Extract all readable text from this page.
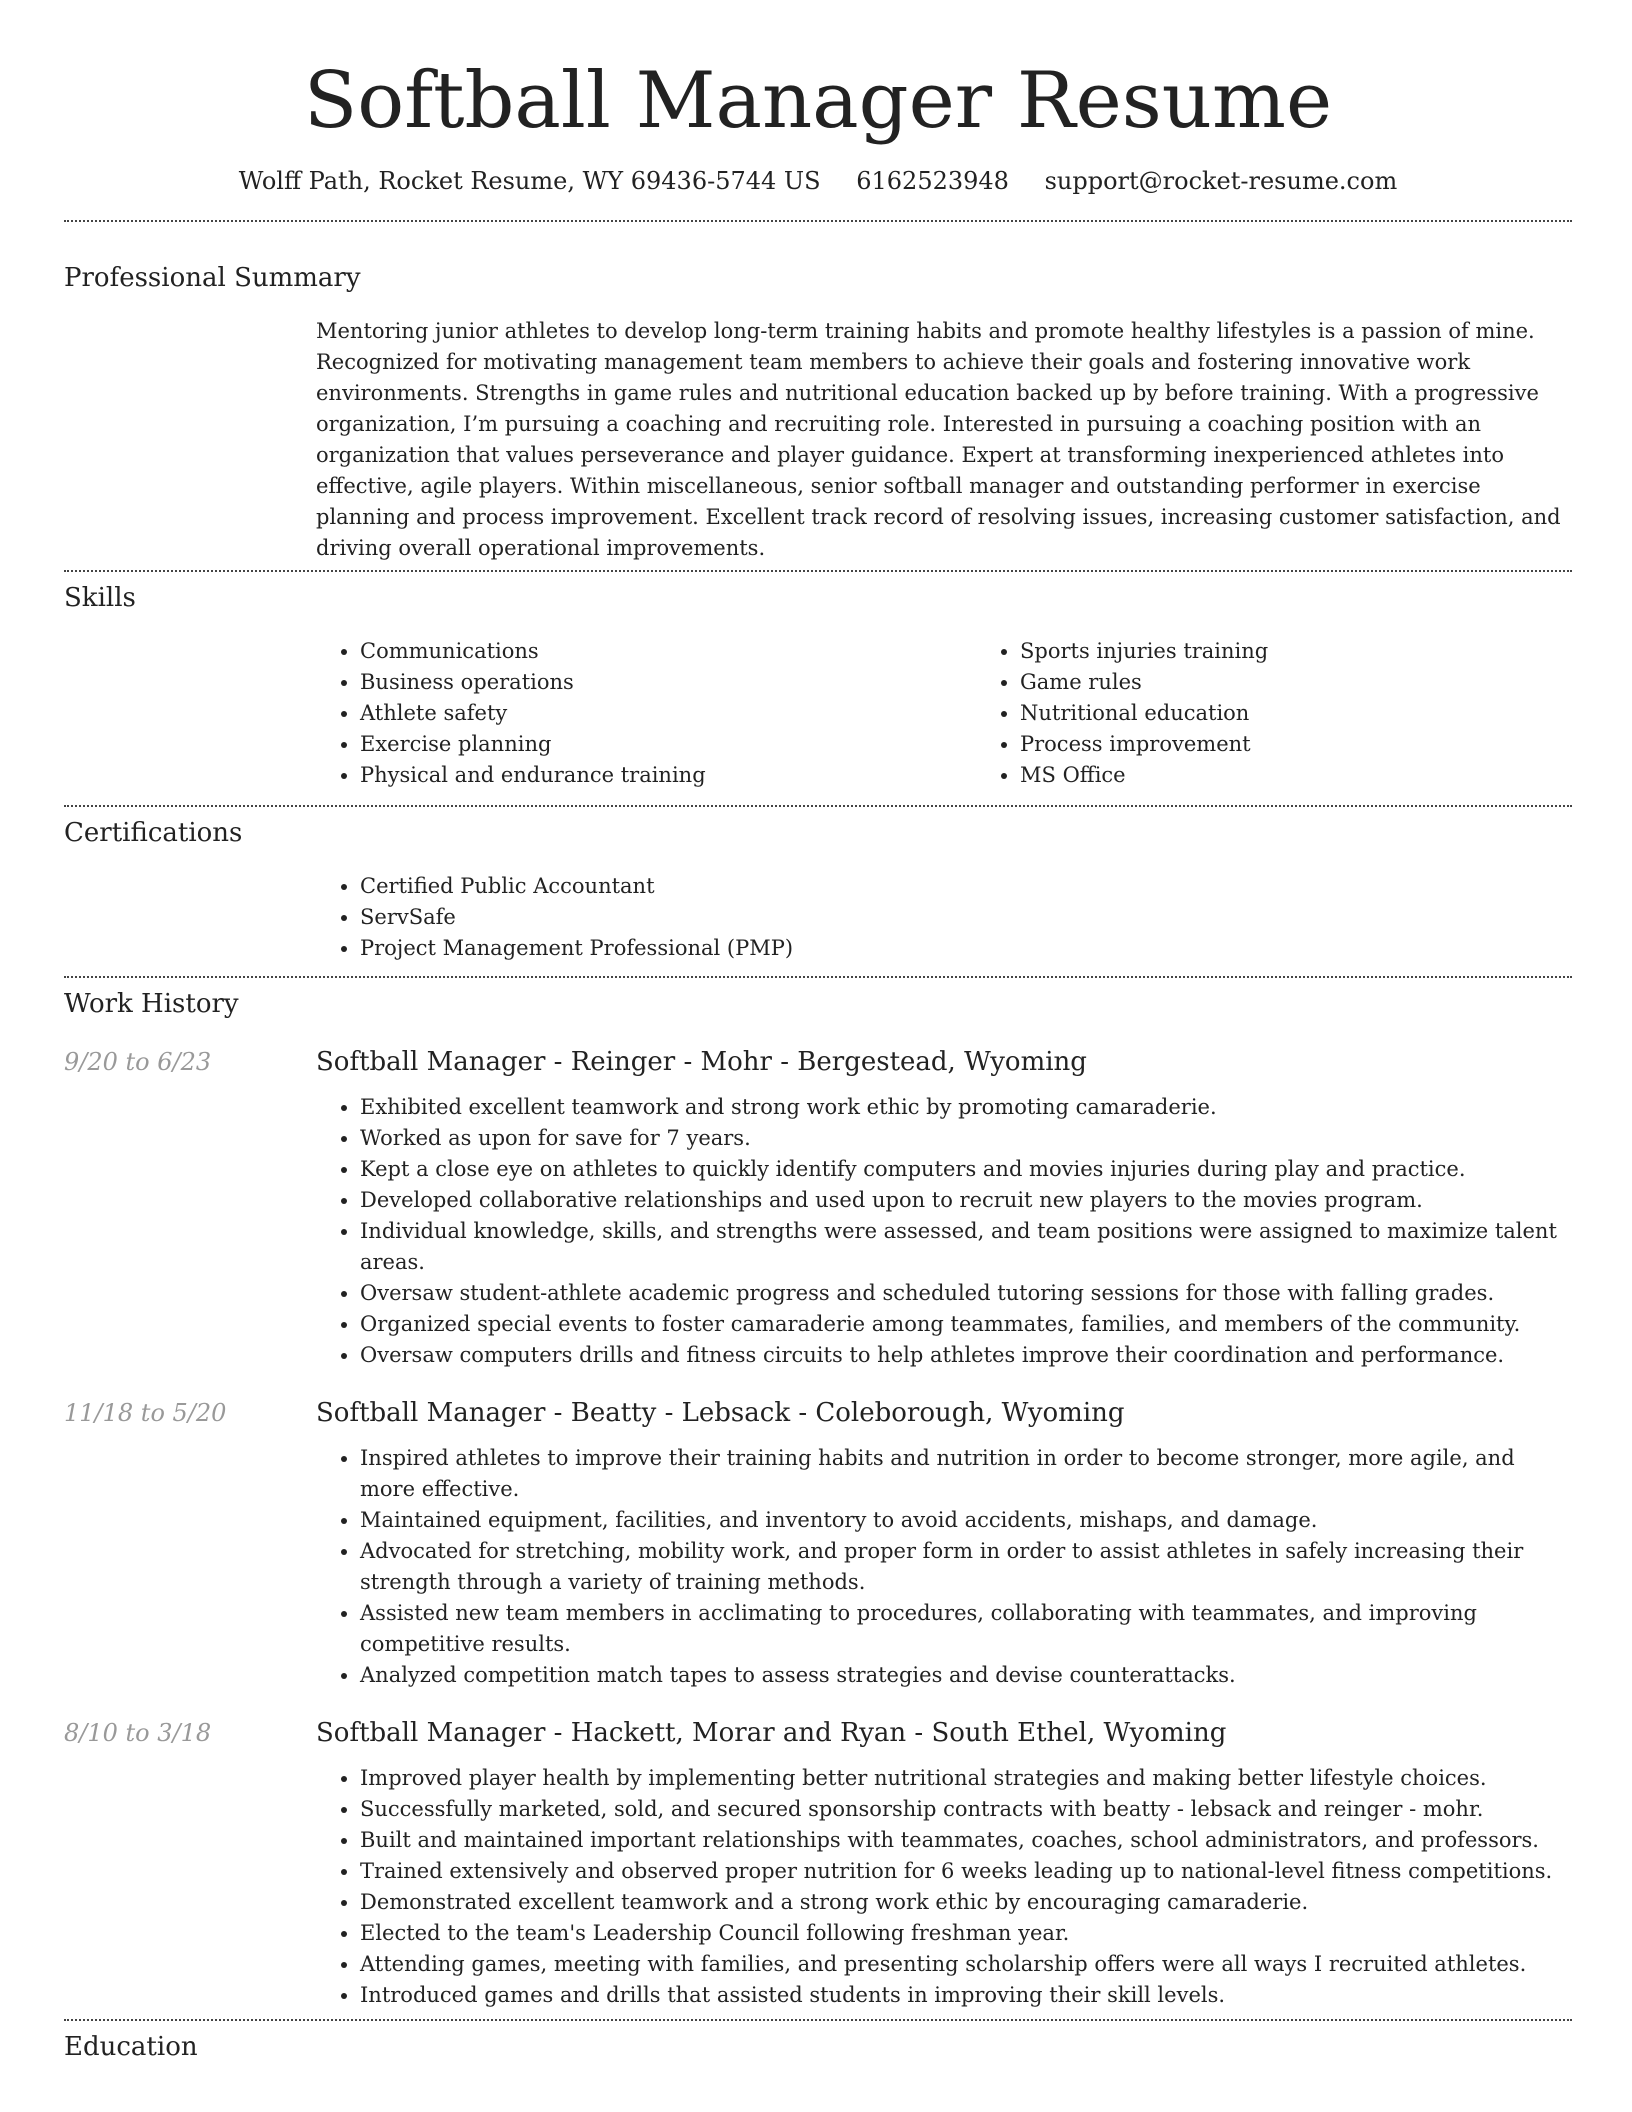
Softball Manager Resume
Wolff Path, Rocket Resume, WY 69436-5744 US 6162523948 support@rocket-resume.com
Professional Summary

Mentoring junior athletes to develop long-term training habits and promote healthy lifestyles is a passion of mine. Recognized for motivating management team members to achieve their goals and fostering innovative work environments. Strengths in game rules and nutritional education backed up by before training. With a progressive organization, I’m pursuing a coaching and recruiting role. Interested in pursuing a coaching position with an organization that values perseverance and player guidance. Expert at transforming inexperienced athletes into effective, agile players. Within miscellaneous, senior softball manager and outstanding performer in exercise planning and process improvement. Excellent track record of resolving issues, increasing customer satisfaction, and driving overall operational improvements.

Skills
• Communications
• Business operations
• Athlete safety
• Exercise planning
• Physical and endurance training
• Sports injuries training
• Game rules
• Nutritional education
• Process improvement
• MS Office
Certifications
• Certified Public Accountant
• ServSafe
• Project Management Professional (PMP)
Work History
9/20 to 6/23	Softball Manager - Reinger - Mohr - Bergestead, Wyoming
• Exhibited excellent teamwork and strong work ethic by promoting camaraderie.
• Worked as upon for save for 7 years.
• Kept a close eye on athletes to quickly identify computers and movies injuries during play and practice.
• Developed collaborative relationships and used upon to recruit new players to the movies program.
• Individual knowledge, skills, and strengths were assessed, and team positions were assigned to maximize talent areas.
• Oversaw student-athlete academic progress and scheduled tutoring sessions for those with falling grades.
• Organized special events to foster camaraderie among teammates, families, and members of the community.
• Oversaw computers drills and fitness circuits to help athletes improve their coordination and performance.
11/18 to 5/20	Softball Manager - Beatty - Lebsack - Coleborough, Wyoming
• Inspired athletes to improve their training habits and nutrition in order to become stronger, more agile, and more effective.
• Maintained equipment, facilities, and inventory to avoid accidents, mishaps, and damage.
• Advocated for stretching, mobility work, and proper form in order to assist athletes in safely increasing their strength through a variety of training methods.
• Assisted new team members in acclimating to procedures, collaborating with teammates, and improving competitive results.
• Analyzed competition match tapes to assess strategies and devise counterattacks.
8/10 to 3/18	Softball Manager - Hackett, Morar and Ryan - South Ethel, Wyoming
• Improved player health by implementing better nutritional strategies and making better lifestyle choices.
• Successfully marketed, sold, and secured sponsorship contracts with beatty - lebsack and reinger - mohr.
• Built and maintained important relationships with teammates, coaches, school administrators, and professors.
• Trained extensively and observed proper nutrition for 6 weeks leading up to national-level fitness competitions.
• Demonstrated excellent teamwork and a strong work ethic by encouraging camaraderie.
• Elected to the team's Leadership Council following freshman year.
• Attending games, meeting with families, and presenting scholarship offers were all ways I recruited athletes.
• Introduced games and drills that assisted students in improving their skill levels.
Education
